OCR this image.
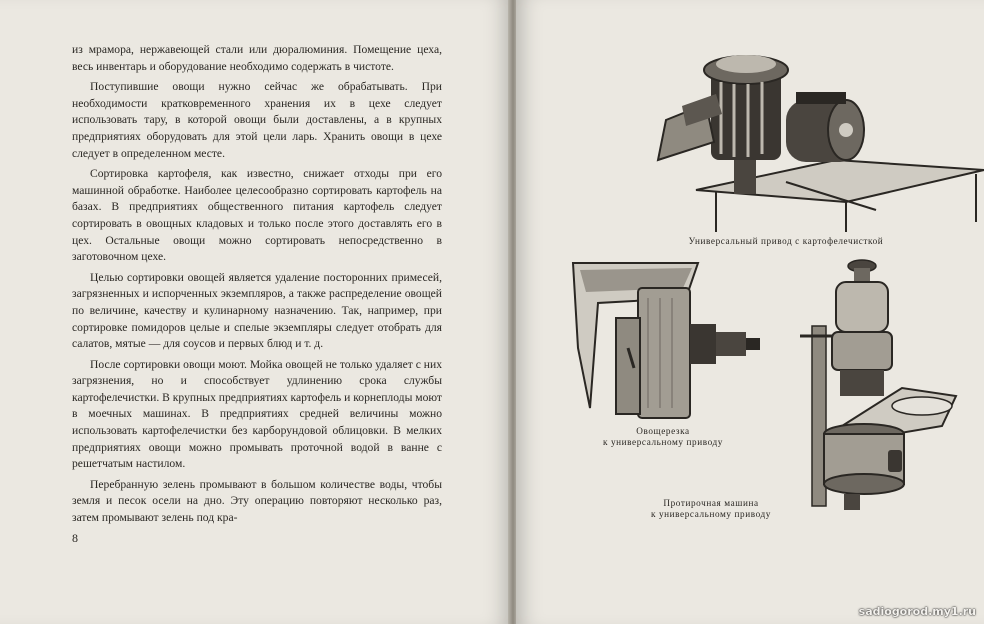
из мрамора, нержавеющей стали или дюралюминия. Помещение цеха, весь инвентарь и оборудование необходимо содержать в чистоте.

Поступившие овощи нужно сейчас же обрабатывать. При необходимости кратковременного хранения их в цехе следует использовать тару, в которой овощи были доставлены, а в крупных предприятиях оборудовать для этой цели ларь. Хранить овощи в цехе следует в определенном месте.

Сортировка картофеля, как известно, снижает отходы при его машинной обработке. Наиболее целесообразно сортировать картофель на базах. В предприятиях общественного питания картофель следует сортировать в овощных кладовых и только после этого доставлять его в цех. Остальные овощи можно сортировать непосредственно в заготовочном цехе.

Целью сортировки овощей является удаление посторонних примесей, загрязненных и испорченных экземпляров, а также распределение овощей по величине, качеству и кулинарному назначению. Так, например, при сортировке помидоров целые и спелые экземпляры следует отобрать для салатов, мятые — для соусов и первых блюд и т. д.

После сортировки овощи моют. Мойка овощей не только удаляет с них загрязнения, но и способствует удлинению срока службы картофелечистки. В крупных предприятиях картофель и корнеплоды моют в моечных машинах. В предприятиях средней величины можно использовать картофелечистки без карборундовой облицовки. В мелких предприятиях овощи можно промывать проточной водой в ванне с решетчатым настилом.

Перебранную зелень промывают в большом количестве воды, чтобы земля и песок осели на дно. Эту операцию повторяют несколько раз, затем промывают зелень под кра-

8
Универсальный привод с картофелечисткой
Овощерезка
к универсальному приводу
Протирочная машина
к универсальному приводу
sadiogorod.my1.ru
